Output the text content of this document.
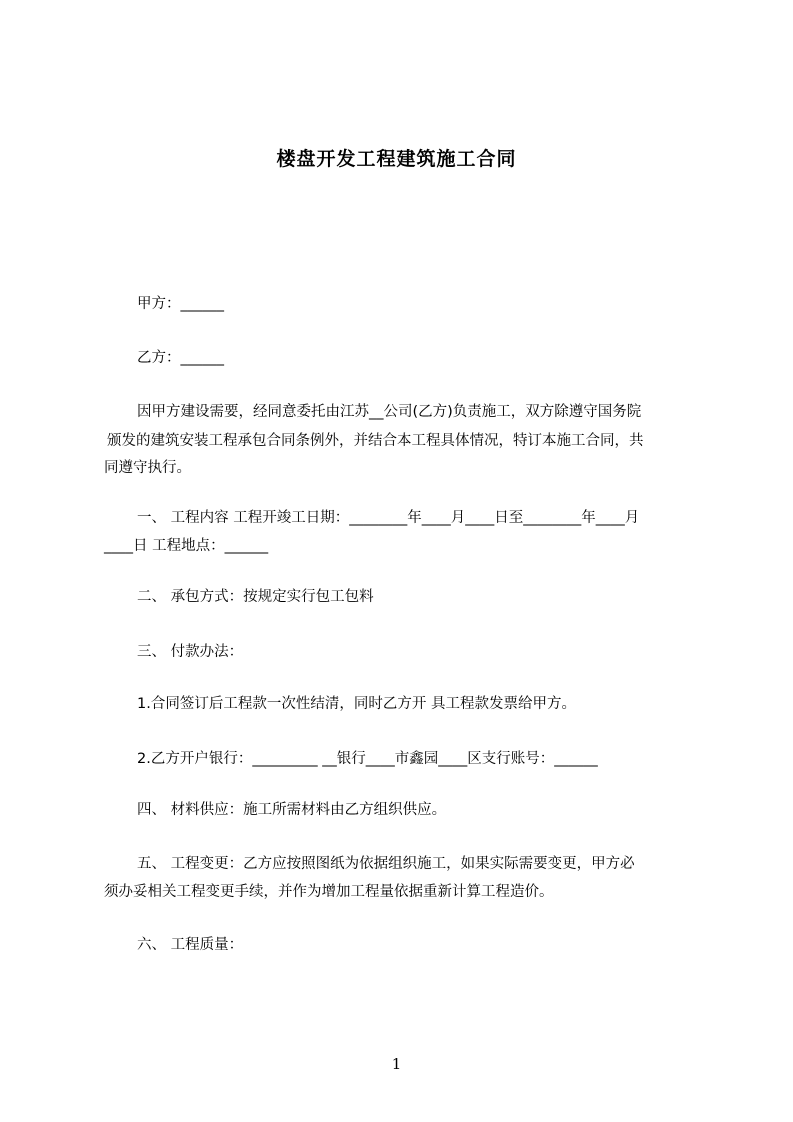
楼盘开发工程建筑施工合同
甲方：______
乙方：______
因甲方建设需要，经同意委托由江苏__公司(乙方)负责施工，双方除遵守国务院
颁发的建筑安装工程承包合同条例外，并结合本工程具体情况，特订本施工合同，共
同遵守执行。
一、 工程内容 工程开竣工日期：________年____月____日至________年____月
____日 工程地点：______
二、 承包方式：按规定实行包工包料
三、 付款办法：
1.合同签订后工程款一次性结清，同时乙方开 具工程款发票给甲方。
2.乙方开户银行：_________ __银行____市鑫园____区支行账号：______
四、 材料供应：施工所需材料由乙方组织供应。
五、 工程变更：乙方应按照图纸为依据组织施工，如果实际需要变更，甲方必
须办妥相关工程变更手续，并作为增加工程量依据重新计算工程造价。
六、 工程质量：
1
